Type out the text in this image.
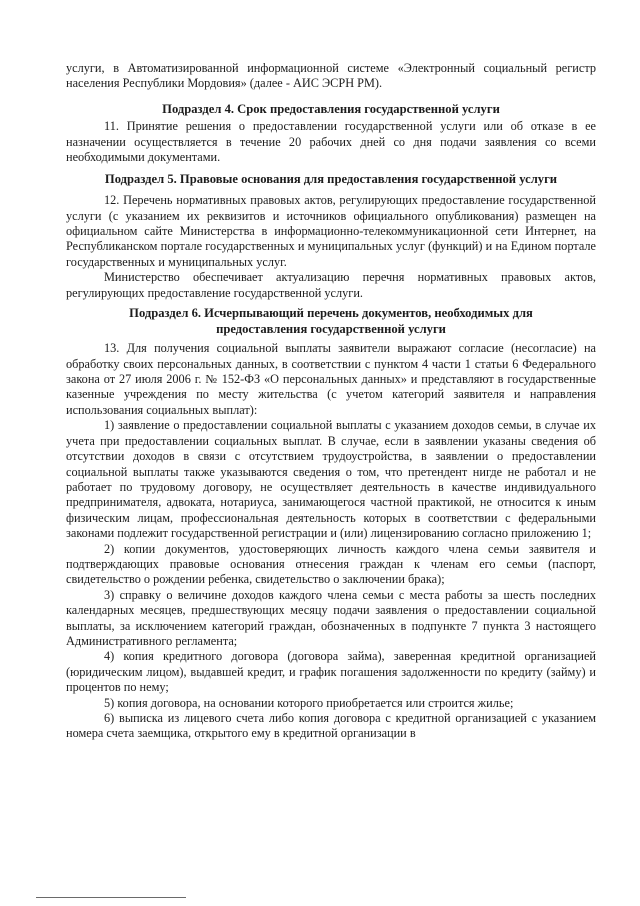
услуги, в Автоматизированной информационной системе «Электронный социальный регистр населения Республики Мордовия» (далее - АИС ЭСРН РМ).

Подраздел 4. Срок предоставления государственной услуги

11. Принятие решения о предоставлении государственной услуги или об отказе в ее назначении осуществляется в течение 20 рабочих дней со дня подачи заявления со всеми необходимыми документами.

Подраздел 5. Правовые основания для предоставления государственной услуги

12. Перечень нормативных правовых актов, регулирующих предоставление государственной услуги (с указанием их реквизитов и источников официального опубликования) размещен на официальном сайте Министерства в информационно-телекоммуникационной сети Интернет, на Республиканском портале государственных и муниципальных услуг (функций) и на Едином портале государственных и муниципальных услуг.

Министерство обеспечивает актуализацию перечня нормативных правовых актов, регулирующих предоставление государственной услуги.

Подраздел 6. Исчерпывающий перечень документов, необходимых для
предоставления государственной услуги

13. Для получения социальной выплаты заявители выражают согласие (несогласие) на обработку своих персональных данных, в соответствии с пунктом 4 части 1 статьи 6 Федерального закона от 27 июля 2006 г. № 152-ФЗ «О персональных данных» и представляют в государственные казенные учреждения по месту жительства (с учетом категорий заявителя и направления использования социальных выплат):

1) заявление о предоставлении социальной выплаты с указанием доходов семьи, в случае их учета при предоставлении социальных выплат. В случае, если в заявлении указаны сведения об отсутствии доходов в связи с отсутствием трудоустройства, в заявлении о предоставлении социальной выплаты также указываются сведения о том, что претендент нигде не работал и не работает по трудовому договору, не осуществляет деятельность в качестве индивидуального предпринимателя, адвоката, нотариуса, занимающегося частной практикой, не относится к иным физическим лицам, профессиональная деятельность которых в соответствии с федеральными законами подлежит государственной регистрации и (или) лицензированию согласно приложению 1;

2) копии документов, удостоверяющих личность каждого члена семьи заявителя и подтверждающих правовые основания отнесения граждан к членам его семьи (паспорт, свидетельство о рождении ребенка, свидетельство о заключении брака);

3) справку о величине доходов каждого члена семьи с места работы за шесть последних календарных месяцев, предшествующих месяцу подачи заявления о предоставлении социальной выплаты, за исключением категорий граждан, обозначенных в подпункте 7 пункта 3 настоящего Административного регламента;

4) копия кредитного договора (договора займа), заверенная кредитной организацией (юридическим лицом), выдавшей кредит, и график погашения задолженности по кредиту (займу) и процентов по нему;

5) копия договора, на основании которого приобретается или строится жилье;

6) выписка из лицевого счета либо копия договора с кредитной организацией с указанием номера счета заемщика, открытого ему в кредитной организации в
